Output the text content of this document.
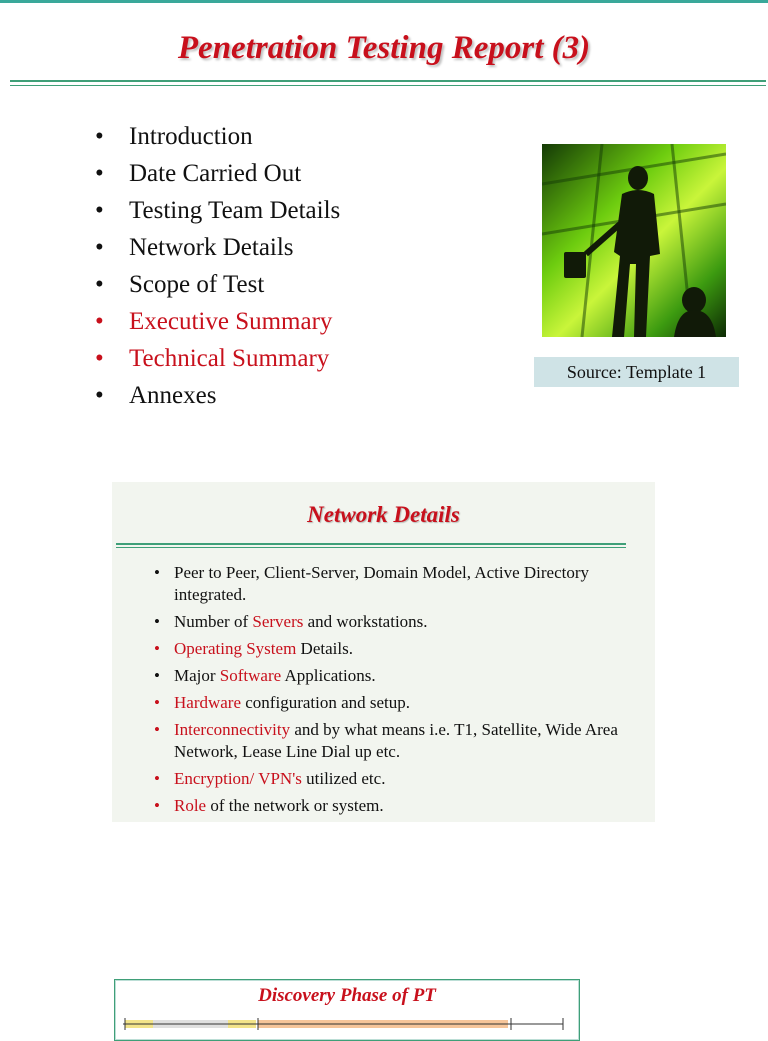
Penetration Testing Report (3)
• Introduction
• Date Carried Out
• Testing Team Details
• Network Details
• Scope of Test
• Executive Summary
• Technical Summary
• Annexes
Source: Template 1
Network Details
• Peer to Peer, Client-Server, Domain Model, Active Directory integrated.
• Number of Servers and workstations.
• Operating System Details.
• Major Software Applications.
• Hardware configuration and setup.
• Interconnectivity and by what means i.e. T1, Satellite, Wide Area Network, Lease Line Dial up etc.
• Encryption/ VPN's utilized etc.
• Role of the network or system.
Discovery Phase of PT
